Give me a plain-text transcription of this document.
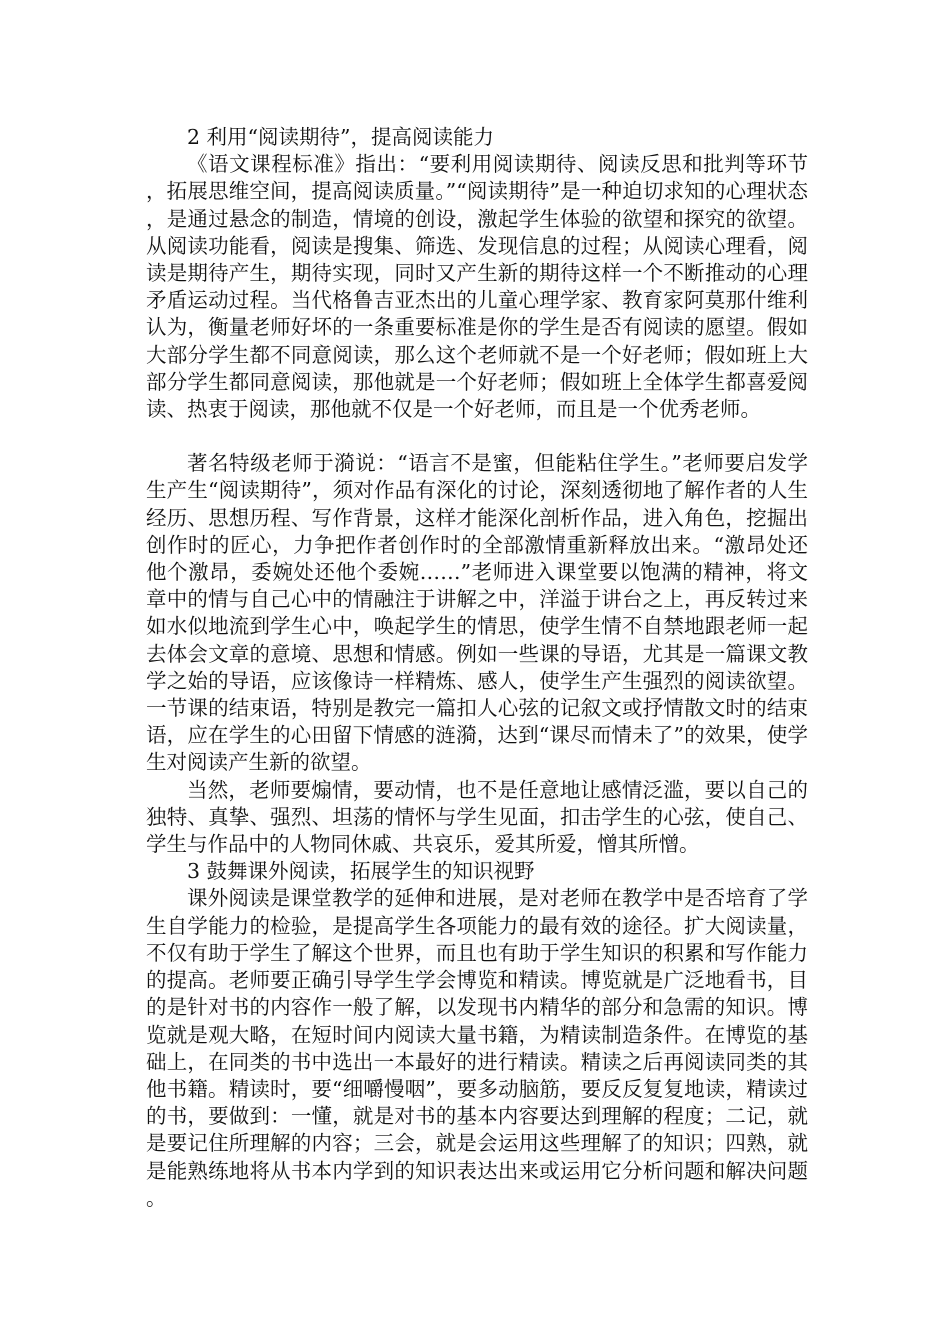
2 利用“阅读期待”，提高阅读能力

《语文课程标准》指出：“要利用阅读期待、阅读反思和批判等环节，拓展思维空间，提高阅读质量。”“阅读期待”是一种迫切求知的心理状态，是通过悬念的制造，情境的创设，激起学生体验的欲望和探究的欲望。从阅读功能看，阅读是搜集、筛选、发现信息的过程；从阅读心理看，阅读是期待产生，期待实现，同时又产生新的期待这样一个不断推动的心理矛盾运动过程。当代格鲁吉亚杰出的儿童心理学家、教育家阿莫那什维利认为，衡量老师好坏的一条重要标准是你的学生是否有阅读的愿望。假如大部分学生都不同意阅读，那么这个老师就不是一个好老师；假如班上大部分学生都同意阅读，那他就是一个好老师；假如班上全体学生都喜爱阅读、热衷于阅读，那他就不仅是一个好老师，而且是一个优秀老师。

著名特级老师于漪说：“语言不是蜜，但能粘住学生。”老师要启发学生产生“阅读期待”，须对作品有深化的讨论，深刻透彻地了解作者的人生经历、思想历程、写作背景，这样才能深化剖析作品，进入角色，挖掘出创作时的匠心，力争把作者创作时的全部激情重新释放出来。“激昂处还他个激昂，委婉处还他个委婉……”老师进入课堂要以饱满的精神，将文章中的情与自己心中的情融注于讲解之中，洋溢于讲台之上，再反转过来如水似地流到学生心中，唤起学生的情思，使学生情不自禁地跟老师一起去体会文章的意境、思想和情感。例如一些课的导语，尤其是一篇课文教学之始的导语，应该像诗一样精炼、感人，使学生产生强烈的阅读欲望。一节课的结束语，特别是教完一篇扣人心弦的记叙文或抒情散文时的结束语，应在学生的心田留下情感的涟漪，达到“课尽而情未了”的效果，使学生对阅读产生新的欲望。

当然，老师要煽情，要动情，也不是任意地让感情泛滥，要以自己的独特、真挚、强烈、坦荡的情怀与学生见面，扣击学生的心弦，使自己、学生与作品中的人物同休戚、共哀乐，爱其所爱，憎其所憎。

3 鼓舞课外阅读，拓展学生的知识视野

课外阅读是课堂教学的延伸和进展，是对老师在教学中是否培育了学生自学能力的检验，是提高学生各项能力的最有效的途径。扩大阅读量，不仅有助于学生了解这个世界，而且也有助于学生知识的积累和写作能力的提高。老师要正确引导学生学会博览和精读。博览就是广泛地看书，目的是针对书的内容作一般了解，以发现书内精华的部分和急需的知识。博览就是观大略，在短时间内阅读大量书籍，为精读制造条件。在博览的基础上，在同类的书中选出一本最好的进行精读。精读之后再阅读同类的其他书籍。精读时，要“细嚼慢咽”，要多动脑筋，要反反复复地读，精读过的书，要做到：一懂，就是对书的基本内容要达到理解的程度；二记，就是要记住所理解的内容；三会，就是会运用这些理解了的知识；四熟，就是能熟练地将从书本内学到的知识表达出来或运用它分析问题和解决问题。
